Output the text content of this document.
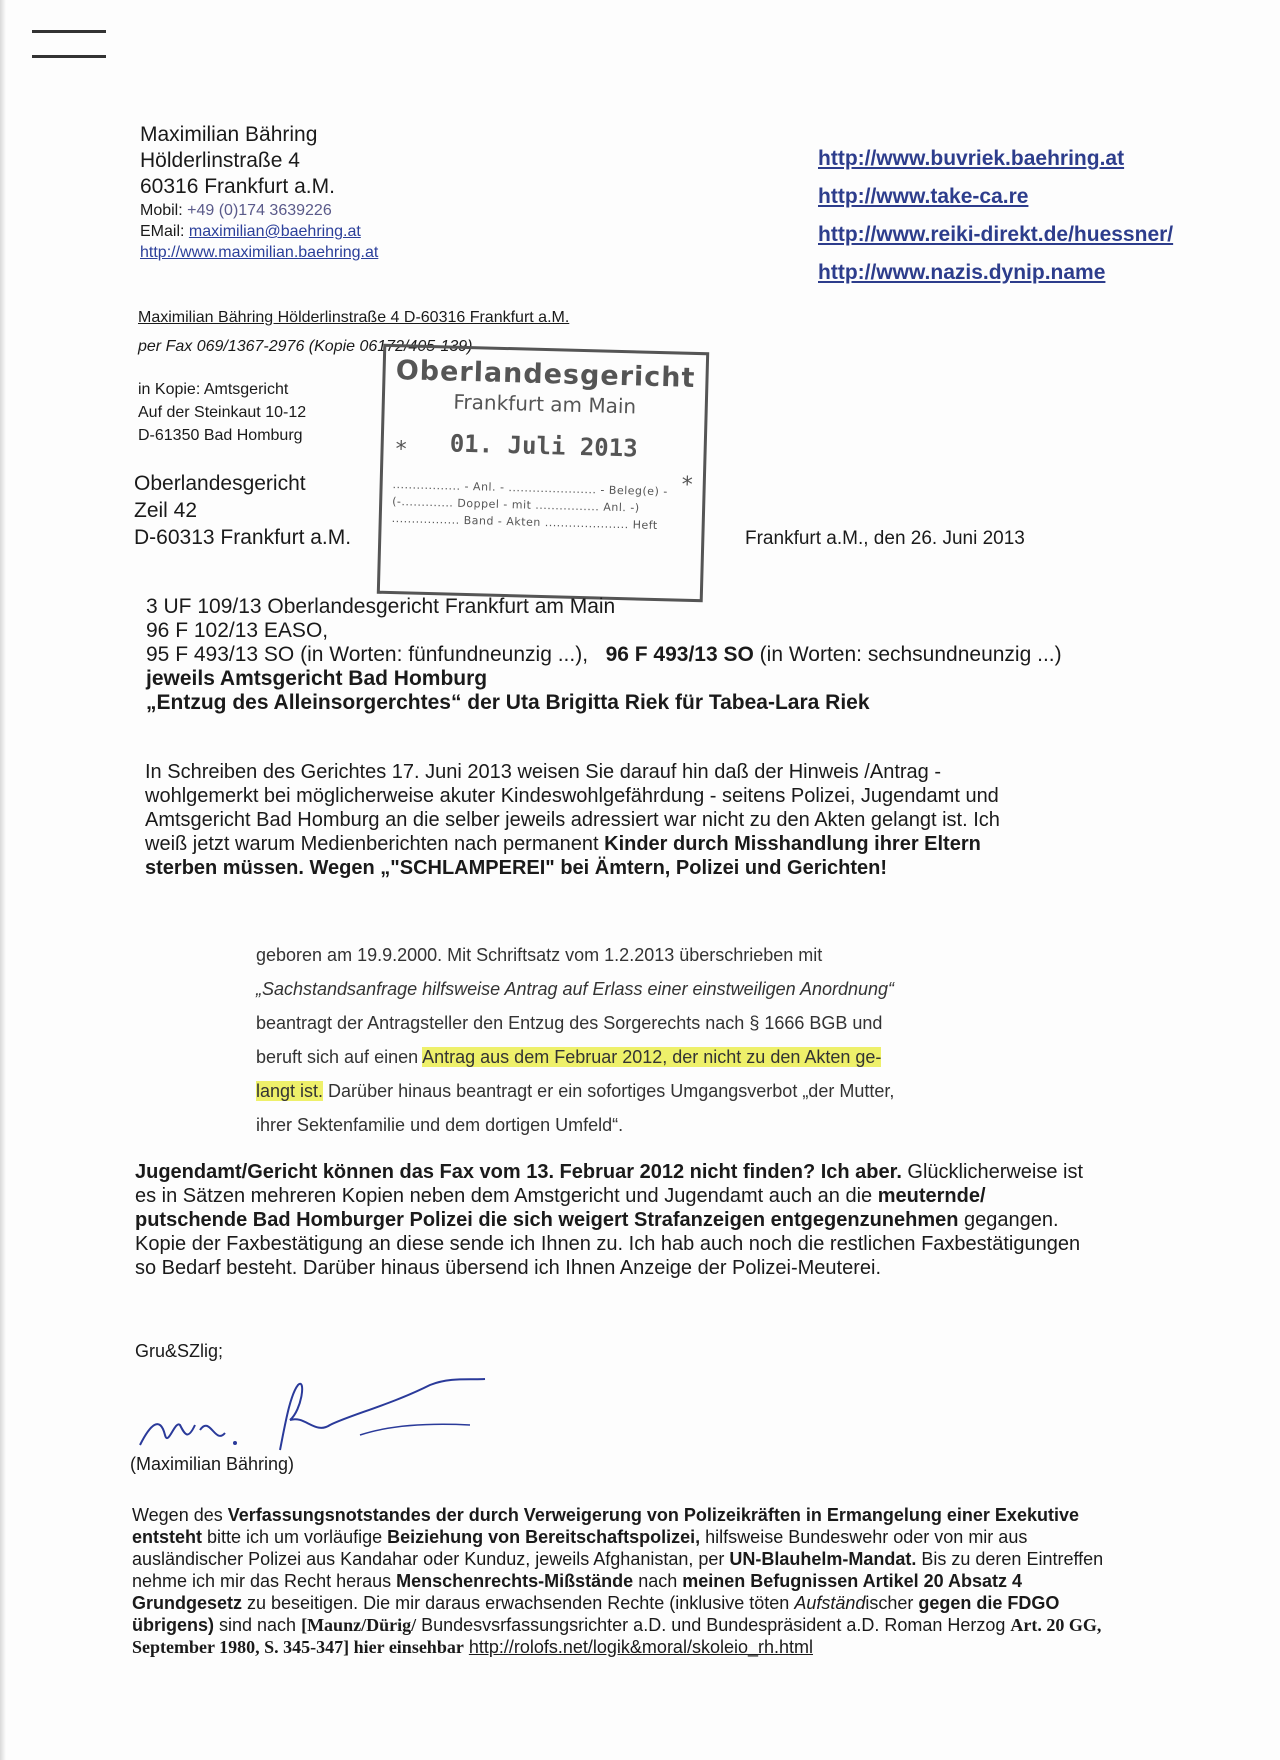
Maximilian Bähring
Hölderlinstraße 4
60316 Frankfurt a.M.
Mobil: +49 (0)174 3639226
EMail: maximilian@baehring.at
http://www.maximilian.baehring.at
http://www.buvriek.baehring.at
http://www.take-ca.re
http://www.reiki-direkt.de/huessner/
http://www.nazis.dynip.name
Maximilian Bähring Hölderlinstraße 4 D-60316 Frankfurt a.M.
per Fax 069/1367-2976 (Kopie 06172/405-139)
in Kopie: Amtsgericht
Auf der Steinkaut 10-12
D-61350 Bad Homburg
Oberlandesgericht
Zeil 42
D-60313 Frankfurt a.M.
Oberlandesgericht
Frankfurt am Main
*
*
01. Juli 2013
................. - Anl. - ...................... - Beleg(e) -
(-............. Doppel - mit ................ Anl. -)
................. Band - Akten ..................... Heft
Frankfurt a.M., den 26. Juni 2013
3 UF 109/13 Oberlandesgericht Frankfurt am Main
96 F 102/13 EASO,
95 F 493/13 SO (in Worten: fünfundneunzig ...), 96 F 493/13 SO (in Worten: sechsundneunzig ...)
jeweils Amtsgericht Bad Homburg
„Entzug des Alleinsorgerchtes“ der Uta Brigitta Riek für Tabea-Lara Riek
In Schreiben des Gerichtes 17. Juni 2013 weisen Sie darauf hin daß der Hinweis /Antrag - wohlgemerkt bei möglicherweise akuter Kindeswohlgefährdung - seitens Polizei, Jugendamt und Amtsgericht Bad Homburg an die selber jeweils adressiert war nicht zu den Akten gelangt ist. Ich weiß jetzt warum Medienberichten nach permanent Kinder durch Misshandlung ihrer Eltern sterben müssen. Wegen „"SCHLAMPEREI" bei Ämtern, Polizei und Gerichten!
geboren am 19.9.2000. Mit Schriftsatz vom 1.2.2013 überschrieben mit
„Sachstandsanfrage hilfsweise Antrag auf Erlass einer einstweiligen Anordnung“
beantragt der Antragsteller den Entzug des Sorgerechts nach § 1666 BGB und
beruft sich auf einen Antrag aus dem Februar 2012, der nicht zu den Akten ge-
langt ist. Darüber hinaus beantragt er ein sofortiges Umgangsverbot „der Mutter,
ihrer Sektenfamilie und dem dortigen Umfeld“.
Jugendamt/Gericht können das Fax vom 13. Februar 2012 nicht finden? Ich aber. Glücklicherweise ist es in Sätzen mehreren Kopien neben dem Amstgericht und Jugendamt auch an die meuternde/ putschende Bad Homburger Polizei die sich weigert Strafanzeigen entgegenzunehmen gegangen. Kopie der Faxbestätigung an diese sende ich Ihnen zu. Ich hab auch noch die restlichen Faxbestätigungen so Bedarf besteht. Darüber hinaus übersend ich Ihnen Anzeige der Polizei-Meuterei.
Gru&SZlig;
(Maximilian Bähring)
Wegen des Verfassungsnotstandes der durch Verweigerung von Polizeikräften in Ermangelung einer Exekutive entsteht bitte ich um vorläufige Beiziehung von Bereitschaftspolizei, hilfsweise Bundeswehr oder von mir aus ausländischer Polizei aus Kandahar oder Kunduz, jeweils Afghanistan, per UN-Blauhelm-Mandat. Bis zu deren Eintreffen nehme ich mir das Recht heraus Menschenrechts-Mißstände nach meinen Befugnissen Artikel 20 Absatz 4 Grundgesetz zu beseitigen. Die mir daraus erwachsenden Rechte (inklusive töten Aufständischer gegen die FDGO übrigens) sind nach [Maunz/Dürig/ Bundesvsrfassungsrichter a.D. und Bundespräsident a.D. Roman Herzog Art. 20 GG, September 1980, S. 345-347] hier einsehbar http://rolofs.net/logik&moral/skoleio_rh.html
